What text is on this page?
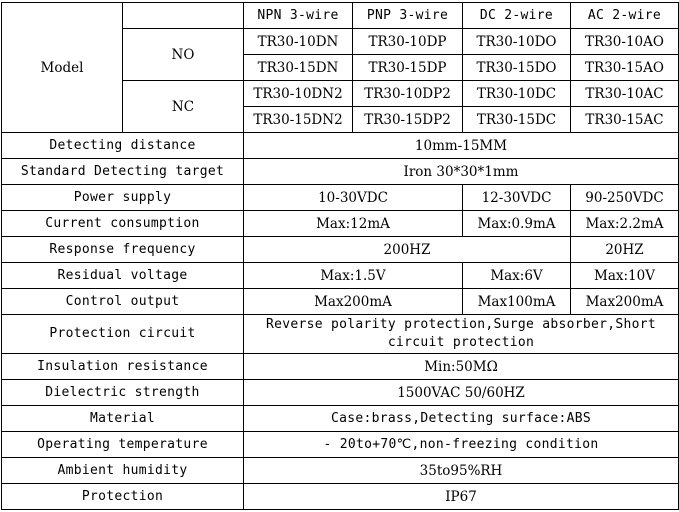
Model		NPN 3-wire	PNP 3-wire	DC 2-wire	AC 2-wire
	NO	TR30-10DN	TR30-10DP	TR30-10DO	TR30-10AO
		TR30-15DN	TR30-15DP	TR30-15DO	TR30-15AO
	NC	TR30-10DN2	TR30-10DP2	TR30-10DC	TR30-10AC
		TR30-15DN2	TR30-15DP2	TR30-15DC	TR30-15AC
Detecting distance		10mm-15MM			
Standard Detecting target		Iron 30*30*1mm			
Power supply		10-30VDC		12-30VDC	90-250VDC
Current consumption		Max:12mA		Max:0.9mA	Max:2.2mA
Response frequency		200HZ			20HZ
Residual voltage		Max:1.5V		Max:6V	Max:10V
Control output		Max200mA		Max100mA	Max200mA
Protection circuit		Reverse polarity protection,Surge absorber,Short circuit protection			
Insulation resistance		Min:50MΩ			
Dielectric strength		1500VAC 50/60HZ			
Material		Case:brass,Detecting surface:ABS			
Operating temperature		- 20to+70℃,non-freezing condition			
Ambient humidity		35to95%RH			
Protection		IP67			
